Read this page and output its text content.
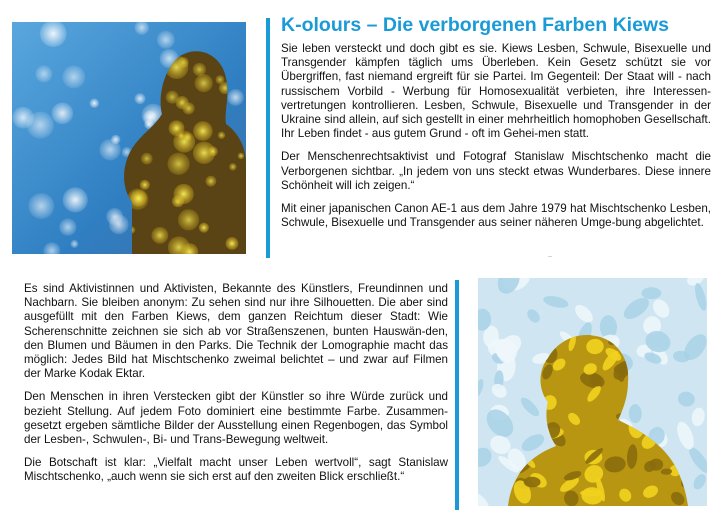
K-olours – Die verborgenen Farben Kiews

Sie leben versteckt und doch gibt es sie. Kiews Lesben, Schwule, Bisexuelle und Transgender kämpfen täglich ums Überleben. Kein Gesetz schützt sie vor Übergriffen, fast niemand ergreift für sie Partei. Im Gegenteil: Der Staat will - nach russischem Vorbild - Werbung für Homosexualität verbieten, ihre Interessen-vertretungen kontrollieren. Lesben, Schwule, Bisexuelle und Transgender in der Ukraine sind allein, auf sich gestellt in einer mehrheitlich homophoben Gesellschaft. Ihr Leben findet - aus gutem Grund - oft im Gehei-men statt.

Der Menschenrechtsaktivist und Fotograf Stanislaw Mischtschenko macht die Verborgenen sichtbar. „In jedem von uns steckt etwas Wunderbares. Diese innere Schönheit will ich zeigen.“

Mit einer japanischen Canon AE-1 aus dem Jahre 1979 hat Mischtschenko Lesben, Schwule, Bisexuelle und Transgender aus seiner näheren Umge-bung abgelichtet.

..

Es sind Aktivistinnen und Aktivisten, Bekannte des Künstlers, Freundinnen und Nachbarn. Sie bleiben anonym: Zu sehen sind nur ihre Silhouetten. Die aber sind ausgefüllt mit den Farben Kiews, dem ganzen Reichtum dieser Stadt: Wie Scherenschnitte zeichnen sie sich ab vor Straßenszenen, bunten Hauswän-den, den Blumen und Bäumen in den Parks. Die Technik der Lomographie macht das möglich: Jedes Bild hat Mischtschenko zweimal belichtet – und zwar auf Filmen der Marke Kodak Ektar.

Den Menschen in ihren Verstecken gibt der Künstler so ihre Würde zurück und bezieht Stellung. Auf jedem Foto dominiert eine bestimmte Farbe. Zusammen-gesetzt ergeben sämtliche Bilder der Ausstellung einen Regenbogen, das Symbol der Lesben-, Schwulen-, Bi- und Trans-Bewegung weltweit.

Die Botschaft ist klar: „Vielfalt macht unser Leben wertvoll“, sagt Stanislaw Mischtschenko, „auch wenn sie sich erst auf den zweiten Blick erschließt.“
